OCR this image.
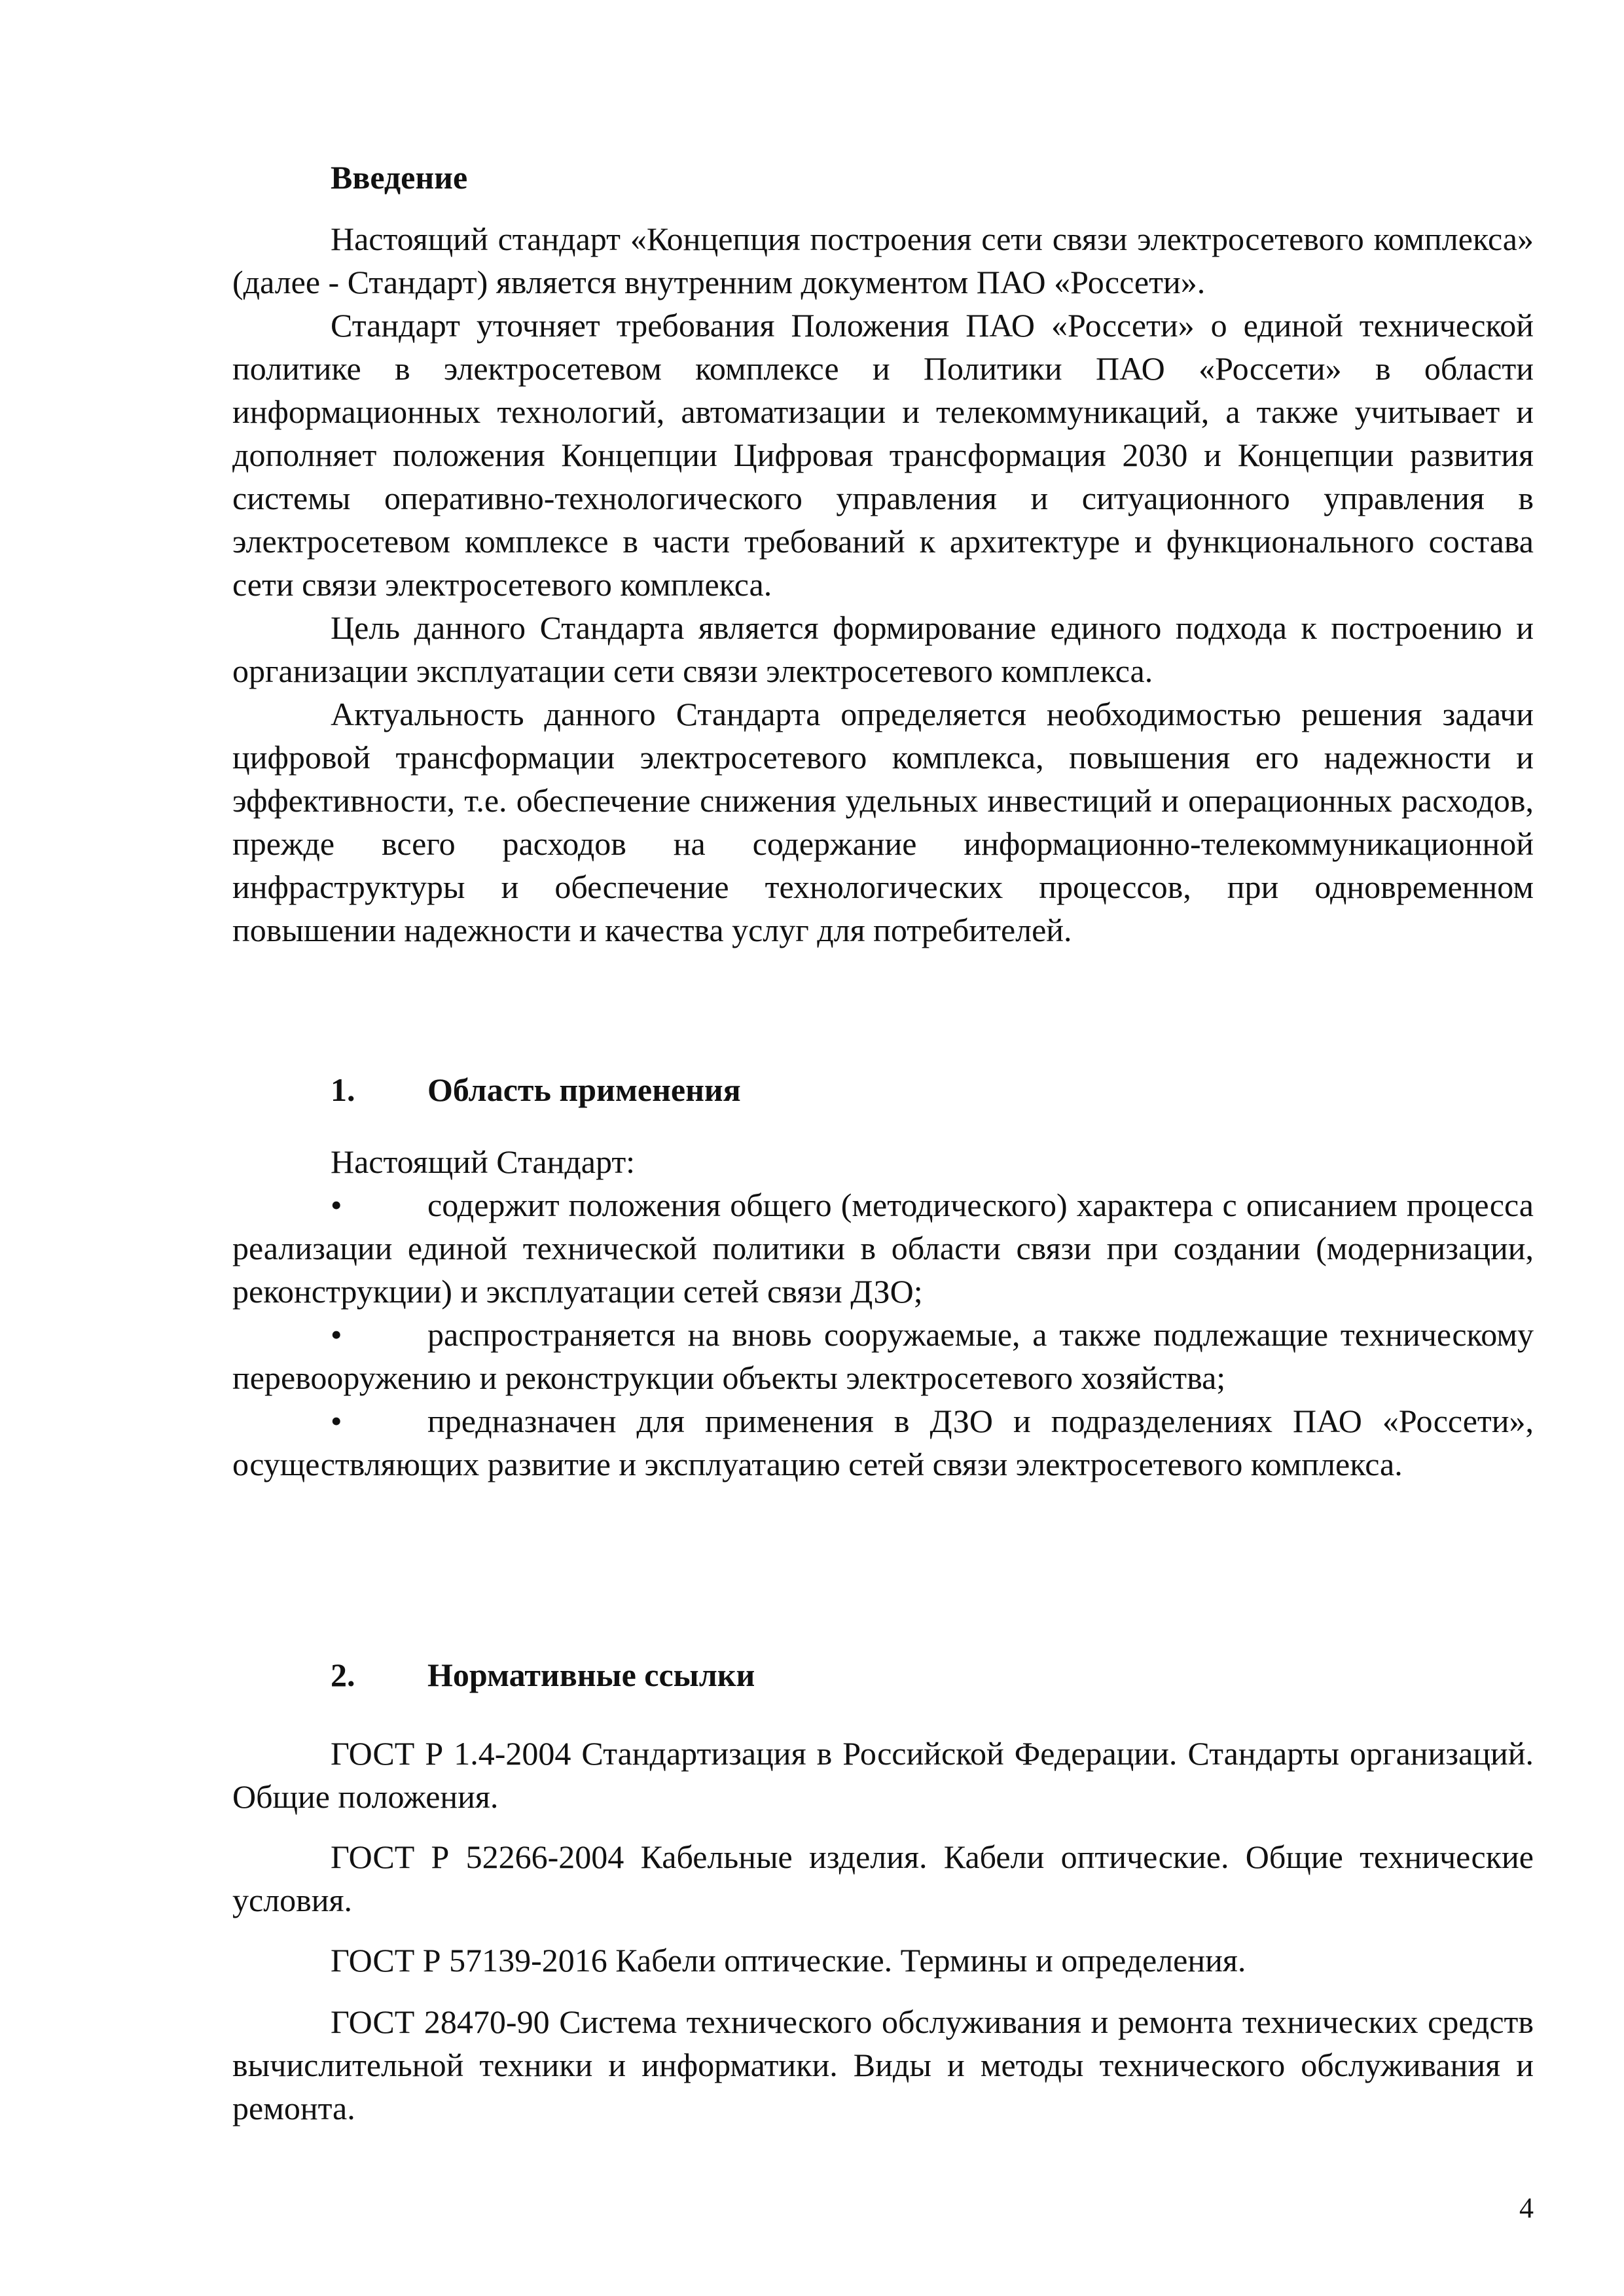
Введение

Настоящий стандарт «Концепция построения сети связи электросетевого комплекса» (далее - Стандарт) является внутренним документом ПАО «Россети».

Стандарт уточняет требования Положения ПАО «Россети» о единой технической политике в электросетевом комплексе и Политики ПАО «Россети» в области информационных технологий, автоматизации и телекоммуникаций, а также учитывает и дополняет положения Концепции Цифровая трансформация 2030 и Концепции развития системы оперативно-технологического управления и ситуационного управления в электросетевом комплексе в части требований к архитектуре и функционального состава сети связи электросетевого комплекса.

Цель данного Стандарта является формирование единого подхода к построению и организации эксплуатации сети связи электросетевого комплекса.

Актуальность данного Стандарта определяется необходимостью решения задачи цифровой трансформации электросетевого комплекса, повышения его надежности и эффективности, т.е. обеспечение снижения удельных инвестиций и операционных расходов, прежде всего расходов на содержание информационно-телекоммуникационной инфраструктуры и обеспечение технологических процессов, при одновременном повышении надежности и качества услуг для потребителей.

1. Область применения

Настоящий Стандарт:

•	содержит положения общего (методического) характера с описанием процесса реализации единой технической политики в области связи при создании (модернизации, реконструкции) и эксплуатации сетей связи ДЗО;
•	распространяется на вновь сооружаемые, а также подлежащие техническому перевооружению и реконструкции объекты электросетевого хозяйства;
•	предназначен для применения в ДЗО и подразделениях ПАО «Россети», осуществляющих развитие и эксплуатацию сетей связи электросетевого комплекса.
2. Нормативные ссылки

ГОСТ Р 1.4-2004 Стандартизация в Российской Федерации. Стандарты организаций. Общие положения.

ГОСТ Р 52266-2004 Кабельные изделия. Кабели оптические. Общие технические условия.

ГОСТ Р 57139-2016 Кабели оптические. Термины и определения.

ГОСТ 28470-90 Система технического обслуживания и ремонта технических средств вычислительной техники и информатики. Виды и методы технического обслуживания и ремонта.

4
